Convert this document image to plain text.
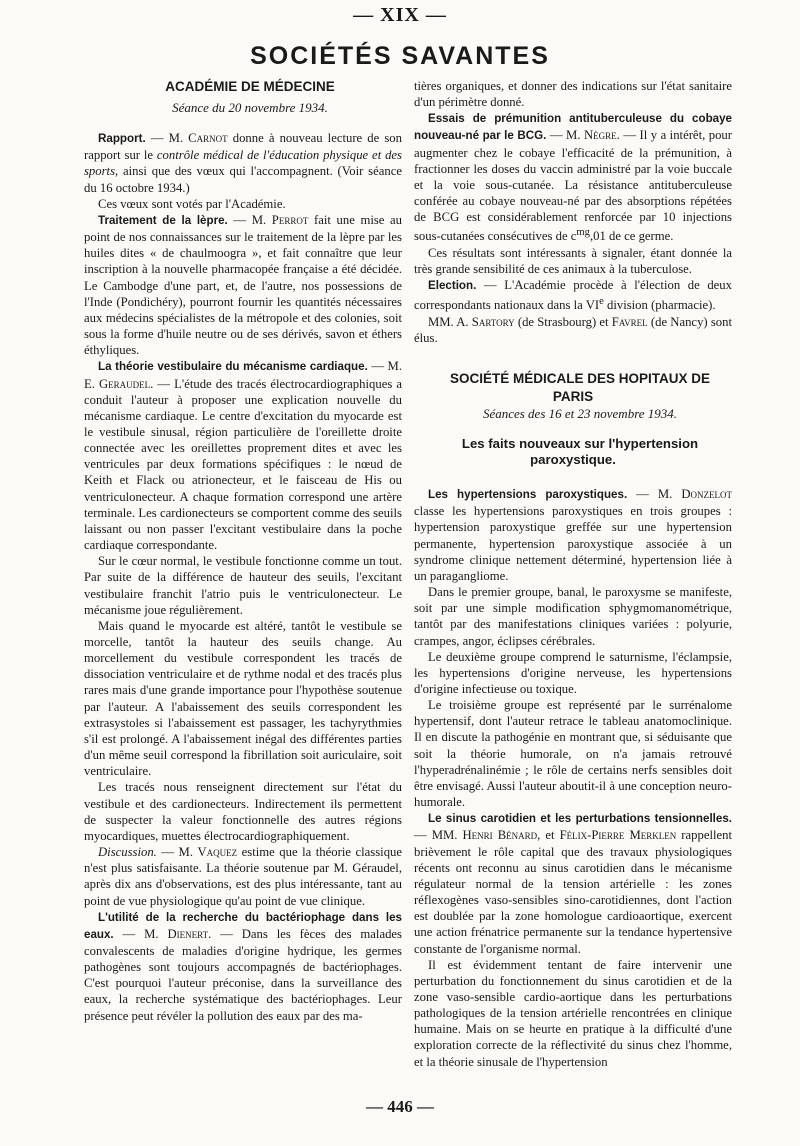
— XIX —
SOCIÉTÉS SAVANTES

ACADÉMIE DE MÉDECINE

Séance du 20 novembre 1934.

Rapport. — M. Carnot donne à nouveau lecture de son rapport sur le contrôle médical de l'éducation physique et des sports, ainsi que des vœux qui l'accompagnent. (Voir séance du 16 octobre 1934.)

Ces vœux sont votés par l'Académie.

Traitement de la lèpre. — M. Perrot fait une mise au point de nos connaissances sur le traitement de la lèpre par les huiles dites « de chaulmoogra », et fait connaître que leur inscription à la nouvelle pharmacopée française a été décidée. Le Cambodge d'une part, et, de l'autre, nos possessions de l'Inde (Pondichéry), pourront fournir les quantités nécessaires aux médecins spécialistes de la métropole et des colonies, soit sous la forme d'huile neutre ou de ses dérivés, savon et éthers éthyliques.

La théorie vestibulaire du mécanisme cardiaque. — M. E. Geraudel. — L'étude des tracés électrocardiographiques a conduit l'auteur à proposer une explication nouvelle du mécanisme cardiaque. Le centre d'excitation du myocarde est le vestibule sinusal, région particulière de l'oreillette droite connectée avec les oreillettes proprement dites et avec les ventricules par deux formations spécifiques : le nœud de Keith et Flack ou atrionecteur, et le faisceau de His ou ventriculonecteur. A chaque formation correspond une artère terminale. Les cardionecteurs se comportent comme des seuils laissant ou non passer l'excitant vestibulaire dans la poche cardiaque correspondante.

Sur le cœur normal, le vestibule fonctionne comme un tout. Par suite de la différence de hauteur des seuils, l'excitant vestibulaire franchit l'atrio puis le ventriculonecteur. Le mécanisme joue régulièrement.

Mais quand le myocarde est altéré, tantôt le vestibule se morcelle, tantôt la hauteur des seuils change. Au morcellement du vestibule correspondent les tracés de dissociation ventriculaire et de rythme nodal et des tracés plus rares mais d'une grande importance pour l'hypothèse soutenue par l'auteur. A l'abaissement des seuils correspondent les extrasystoles si l'abaissement est passager, les tachyrythmies s'il est prolongé. A l'abaissement inégal des différentes parties d'un même seuil correspond la fibrillation soit auriculaire, soit ventriculaire.

Les tracés nous renseignent directement sur l'état du vestibule et des cardionecteurs. Indirectement ils permettent de suspecter la valeur fonctionnelle des autres régions myocardiques, muettes électrocardiographiquement.

Discussion. — M. Vaquez estime que la théorie classique n'est plus satisfaisante. La théorie soutenue par M. Géraudel, après dix ans d'observations, est des plus intéressante, tant au point de vue physiologique qu'au point de vue clinique.

L'utilité de la recherche du bactériophage dans les eaux. — M. Dienert. — Dans les fèces des malades convalescents de maladies d'origine hydrique, les germes pathogènes sont toujours accompagnés de bactériophages. C'est pourquoi l'auteur préconise, dans la surveillance des eaux, la recherche systématique des bactériophages. Leur présence peut révéler la pollution des eaux par des ma-

tières organiques, et donner des indications sur l'état sanitaire d'un périmètre donné.

Essais de prémunition antituberculeuse du cobaye nouveau-né par le BCG. — M. Nègre. — Il y a intérêt, pour augmenter chez le cobaye l'efficacité de la prémunition, à fractionner les doses du vaccin administré par la voie buccale et la voie sous-cutanée. La résistance antituberculeuse conférée au cobaye nouveau-né par des absorptions répétées de BCG est considérablement renforcée par 10 injections sous-cutanées consécutives de $c^{mg},01$ de ce germe.

Ces résultats sont intéressants à signaler, étant donnée la très grande sensibilité de ces animaux à la tuberculose.

Election. — L'Académie procède à l'élection de deux correspondants nationaux dans la VIe division (pharmacie).

MM. A. Sartory (de Strasbourg) et Favrel (de Nancy) sont élus.

SOCIÉTÉ MÉDICALE DES HOPITAUX DE PARIS

Séances des 16 et 23 novembre 1934.

Les faits nouveaux sur l'hypertension paroxystique.

Les hypertensions paroxystiques. — M. Donzelot classe les hypertensions paroxystiques en trois groupes : hypertension paroxystique greffée sur une hypertension permanente, hypertension paroxystique associée à un syndrome clinique nettement déterminé, hypertension liée à un paragangliome.

Dans le premier groupe, banal, le paroxysme se manifeste, soit par une simple modification sphygmomanométrique, tantôt par des manifestations cliniques variées : polyurie, crampes, angor, éclipses cérébrales.

Le deuxième groupe comprend le saturnisme, l'éclampsie, les hypertensions d'origine nerveuse, les hypertensions d'origine infectieuse ou toxique.

Le troisième groupe est représenté par le surrénalome hypertensif, dont l'auteur retrace le tableau anatomoclinique. Il en discute la pathogénie en montrant que, si séduisante que soit la théorie humorale, on n'a jamais retrouvé l'hyperadrénalinémie ; le rôle de certains nerfs sensibles doit être envisagé. Aussi l'auteur aboutit-il à une conception neuro-humorale.

Le sinus carotidien et les perturbations tensionnelles. — MM. Henri Bénard, et Félix-Pierre Merklen rappellent brièvement le rôle capital que des travaux physiologiques récents ont reconnu au sinus carotidien dans le mécanisme régulateur normal de la tension artérielle : les zones réflexogènes vaso-sensibles sino-carotidiennes, dont l'action est doublée par la zone homologue cardioaortique, exercent une action frénatrice permanente sur la tendance hypertensive constante de l'organisme normal.

Il est évidemment tentant de faire intervenir une perturbation du fonctionnement du sinus carotidien et de la zone vaso-sensible cardio-aortique dans les perturbations pathologiques de la tension artérielle rencontrées en clinique humaine. Mais on se heurte en pratique à la difficulté d'une exploration correcte de la réflectivité du sinus chez l'homme, et la théorie sinusale de l'hypertension

— 446 —
